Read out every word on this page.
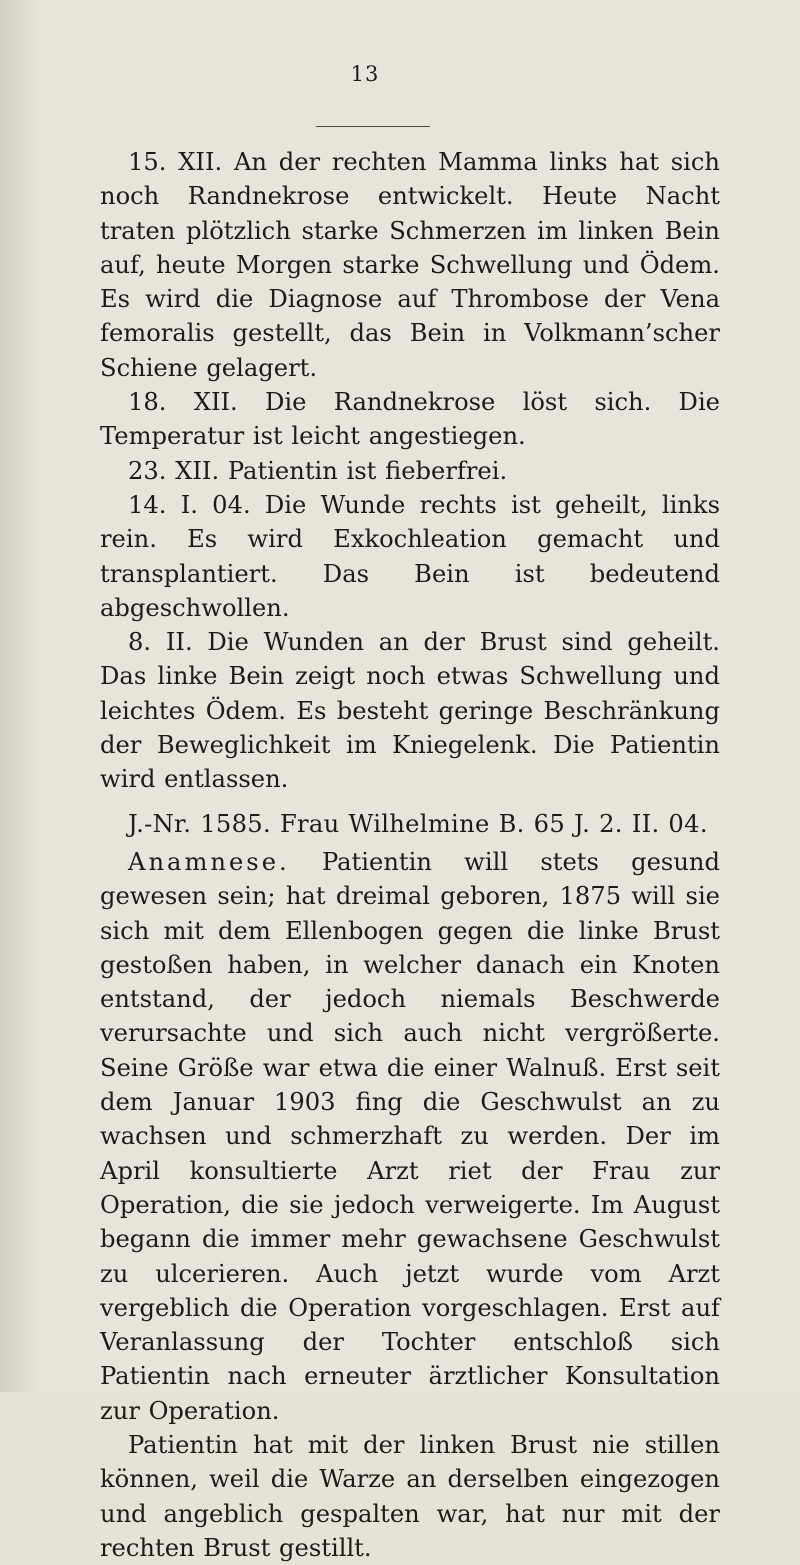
13

15. XII. An der rechten Mamma links hat sich noch Randnekrose entwickelt. Heute Nacht traten plötzlich starke Schmerzen im linken Bein auf, heute Morgen starke Schwellung und Ödem. Es wird die Diagnose auf Thrombose der Vena femoralis gestellt, das Bein in Volkmann’scher Schiene gelagert.

18. XII. Die Randnekrose löst sich. Die Temperatur ist leicht angestiegen.

23. XII. Patientin ist fieberfrei.

14. I. 04. Die Wunde rechts ist geheilt, links rein. Es wird Exkochleation gemacht und transplantiert. Das Bein ist bedeutend abgeschwollen.

8. II. Die Wunden an der Brust sind geheilt. Das linke Bein zeigt noch etwas Schwellung und leichtes Ödem. Es besteht geringe Beschränkung der Beweglichkeit im Kniegelenk. Die Patientin wird entlassen.

J.-Nr. 1585. Frau Wilhelmine B. 65 J. 2. II. 04.

Anamnese. Patientin will stets gesund gewesen sein; hat dreimal geboren, 1875 will sie sich mit dem Ellenbogen gegen die linke Brust gestoßen haben, in welcher danach ein Knoten entstand, der jedoch niemals Beschwerde verursachte und sich auch nicht vergrößerte. Seine Größe war etwa die einer Walnuß. Erst seit dem Januar 1903 fing die Geschwulst an zu wachsen und schmerzhaft zu werden. Der im April konsultierte Arzt riet der Frau zur Operation, die sie jedoch verweigerte. Im August begann die immer mehr gewachsene Geschwulst zu ulcerieren. Auch jetzt wurde vom Arzt vergeblich die Operation vorgeschlagen. Erst auf Veranlassung der Tochter entschloß sich Patientin nach erneuter ärztlicher Konsultation zur Operation.

Patientin hat mit der linken Brust nie stillen können, weil die Warze an derselben eingezogen und angeblich gespalten war, hat nur mit der rechten Brust gestillt.
